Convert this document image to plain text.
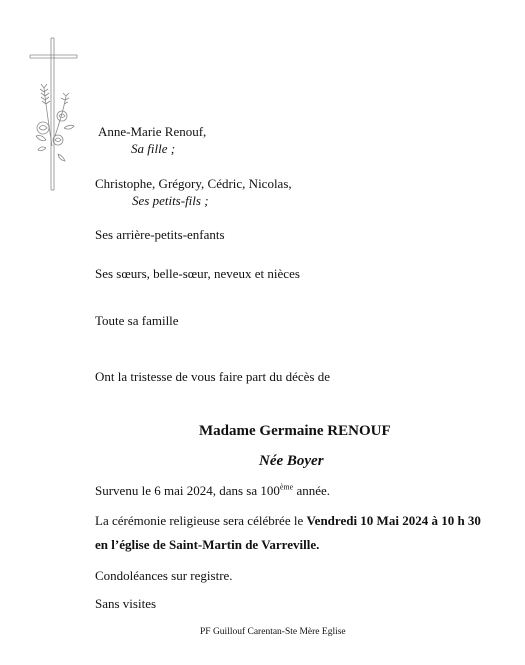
Anne-Marie Renouf,
Sa fille ;
Christophe, Grégory, Cédric, Nicolas,
Ses petits-fils ;
Ses arrière-petits-enfants
Ses sœurs, belle-sœur, neveux et nièces
Toute sa famille
Ont la tristesse de vous faire part du décès de
Madame Germaine RENOUF
Née Boyer
Survenu le 6 mai 2024, dans sa 100ème année.
La cérémonie religieuse sera célébrée le Vendredi 10 Mai 2024 à 10 h 30
en l’église de Saint-Martin de Varreville.
Condoléances sur registre.
Sans visites
PF Guillouf Carentan-Ste Mère Eglise
